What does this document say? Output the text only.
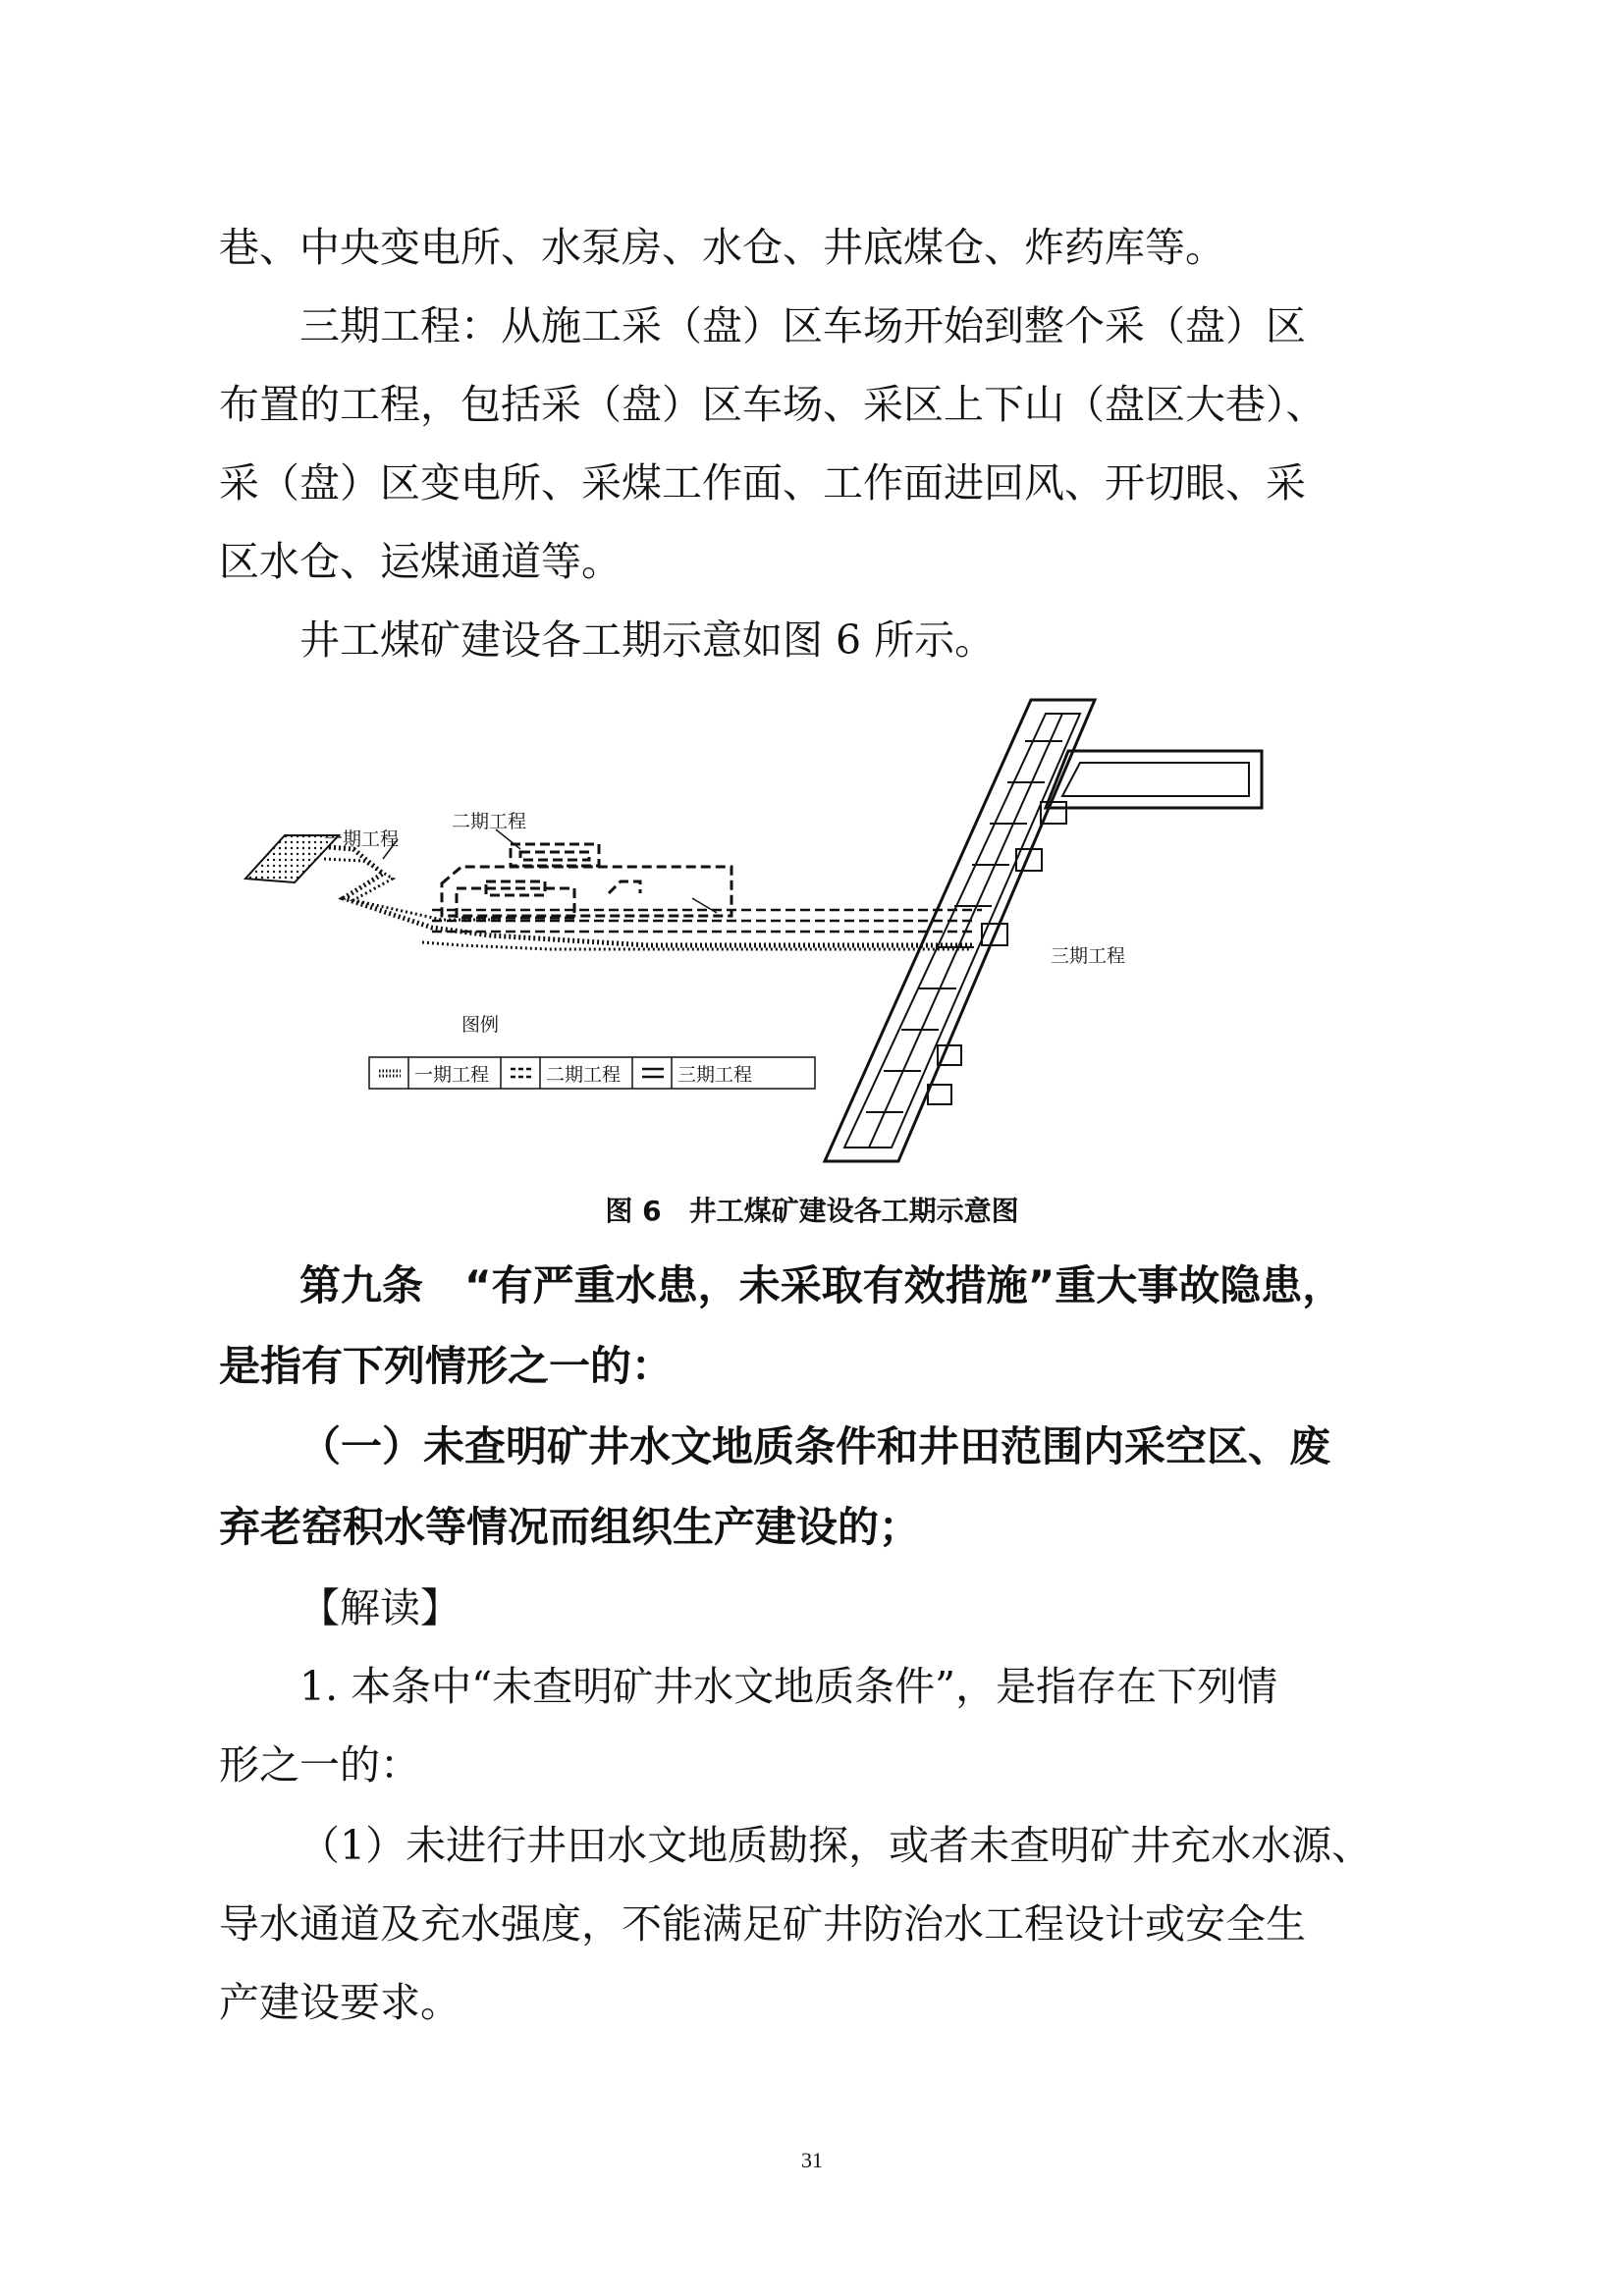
巷、中央变电所、水泵房、水仓、井底煤仓、炸药库等。
三期工程：从施工采（盘）区车场开始到整个采（盘）区
布置的工程，包括采（盘）区车场、采区上下山（盘区大巷）、
采（盘）区变电所、采煤工作面、工作面进回风、开切眼、采
区水仓、运煤通道等。
井工煤矿建设各工期示意如图 6 所示。
一期工程
二期工程
三期工程
图例
一期工程	二期工程	三期工程
图 6　井工煤矿建设各工期示意图
第九条　“有严重水患，未采取有效措施”重大事故隐患，
是指有下列情形之一的：
（一）未查明矿井水文地质条件和井田范围内采空区、废
弃老窑积水等情况而组织生产建设的；
【解读】
1. 本条中“未查明矿井水文地质条件”，是指存在下列情
形之一的：
（1）未进行井田水文地质勘探，或者未查明矿井充水水源、
导水通道及充水强度，不能满足矿井防治水工程设计或安全生
产建设要求。
31
